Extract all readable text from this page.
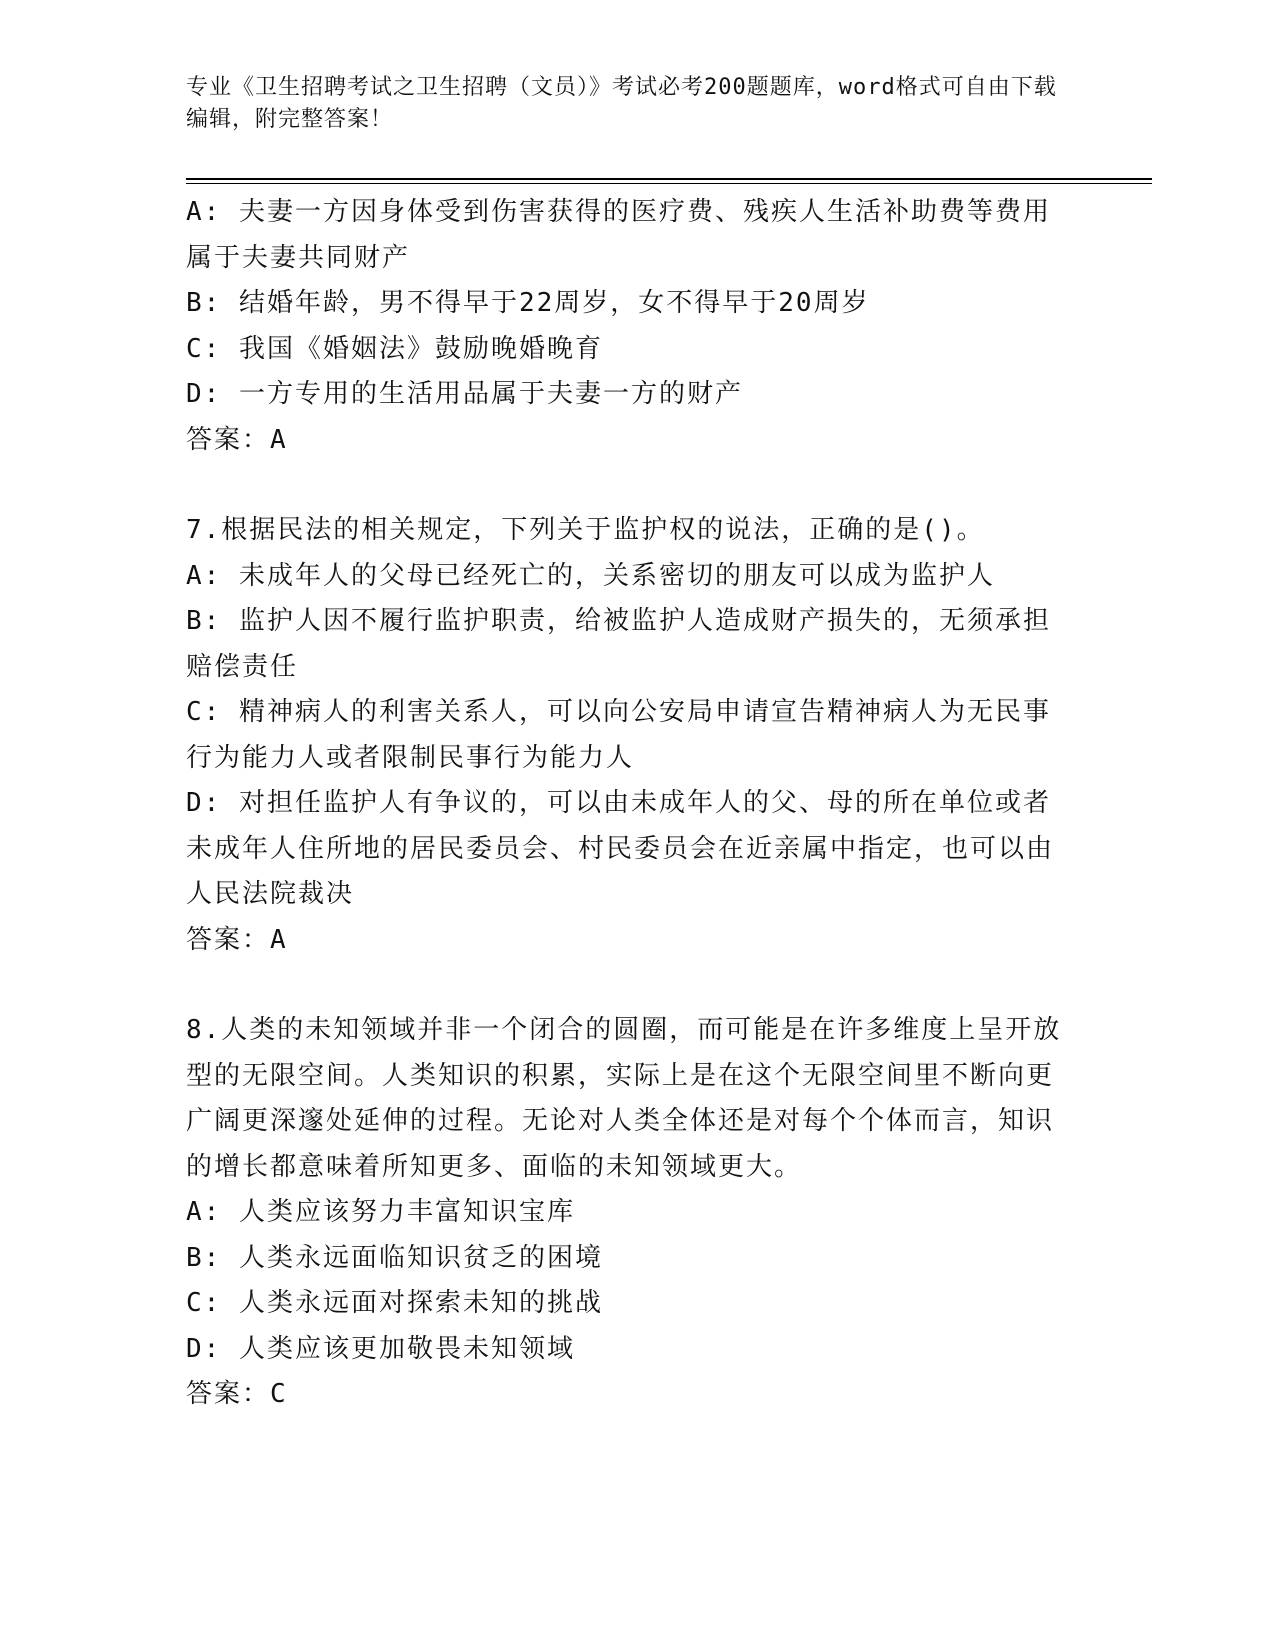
专业《卫生招聘考试之卫生招聘（文员）》考试必考200题题库，word格式可自由下载编辑，附完整答案！

A: 夫妻一方因身体受到伤害获得的医疗费、残疾人生活补助费等费用属于夫妻共同财产

B: 结婚年龄，男不得早于22周岁，女不得早于20周岁

C: 我国《婚姻法》鼓励晚婚晚育

D: 一方专用的生活用品属于夫妻一方的财产

答案：A

7.根据民法的相关规定，下列关于监护权的说法，正确的是()。

A: 未成年人的父母已经死亡的，关系密切的朋友可以成为监护人

B: 监护人因不履行监护职责，给被监护人造成财产损失的，无须承担赔偿责任

C: 精神病人的利害关系人，可以向公安局申请宣告精神病人为无民事行为能力人或者限制民事行为能力人

D: 对担任监护人有争议的，可以由未成年人的父、母的所在单位或者未成年人住所地的居民委员会、村民委员会在近亲属中指定，也可以由人民法院裁决

答案：A

8.人类的未知领域并非一个闭合的圆圈，而可能是在许多维度上呈开放型的无限空间。人类知识的积累，实际上是在这个无限空间里不断向更广阔更深邃处延伸的过程。无论对人类全体还是对每个个体而言，知识的增长都意味着所知更多、面临的未知领域更大。

A: 人类应该努力丰富知识宝库

B: 人类永远面临知识贫乏的困境

C: 人类永远面对探索未知的挑战

D: 人类应该更加敬畏未知领域

答案：C
